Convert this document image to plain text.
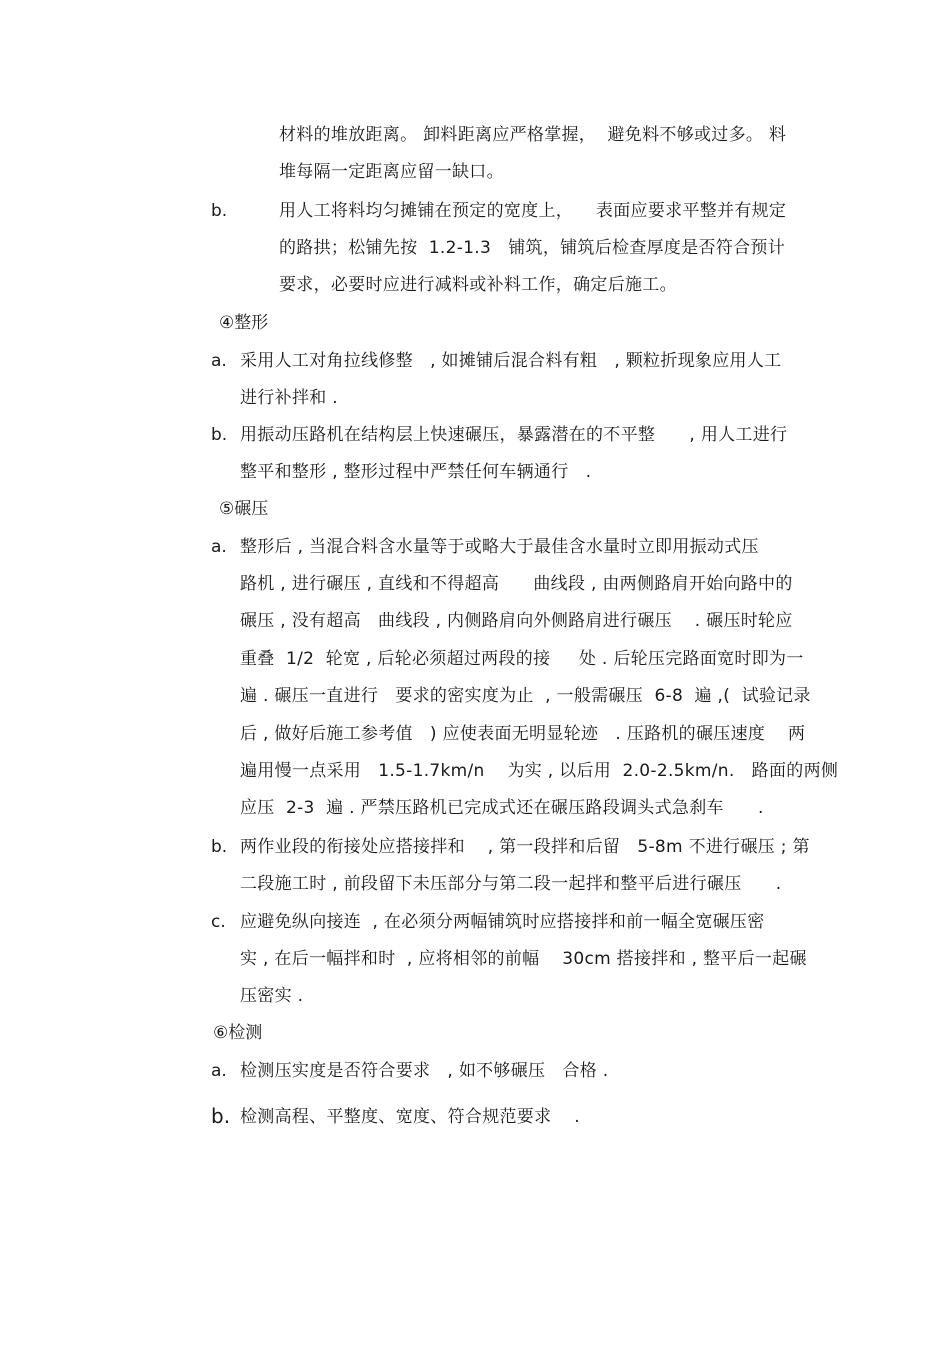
材料的堆放距离。 卸料距离应严格掌握，  避免料不够或过多。 料
堆每隔一定距离应留一缺口。
b.	用人工将料均匀摊铺在预定的宽度上，    表面应要求平整并有规定
的路拱；松铺先按  1.2-1.3   铺筑，铺筑后检查厚度是否符合预计
要求，必要时应进行减料或补料工作，确定后施工。
④整形
a. 采用人工对角拉线修整   , 如摊铺后混合料有粗   , 颗粒折现象应用人工
进行补拌和 .
b. 用振动压路机在结构层上快速碾压，暴露潜在的不平整      , 用人工进行
整平和整形 , 整形过程中严禁任何车辆通行   .
⑤碾压
a. 整形后 , 当混合料含水量等于或略大于最佳含水量时立即用振动式压
路机 , 进行碾压 , 直线和不得超高      曲线段 , 由两侧路肩开始向路中的
碾压 , 没有超高   曲线段 , 内侧路肩向外侧路肩进行碾压    . 碾压时轮应
重叠  1/2  轮宽 , 后轮必须超过两段的接     处 . 后轮压完路面宽时即为一
遍 . 碾压一直进行   要求的密实度为止  , 一般需碾压  6-8  遍 ,(  试验记录
后 , 做好后施工参考值   ) 应使表面无明显轮迹   . 压路机的碾压速度    两
遍用慢一点采用   1.5-1.7km/n    为实 , 以后用  2.0-2.5km/n.   路面的两侧
应压  2-3  遍 . 严禁压路机已完成式还在碾压路段调头式急刹车      .
b. 两作业段的衔接处应搭接拌和    , 第一段拌和后留   5-8m 不进行碾压 ; 第
二段施工时 , 前段留下未压部分与第二段一起拌和整平后进行碾压      .
c. 应避免纵向接连  , 在必须分两幅铺筑时应搭接拌和前一幅全宽碾压密
实 , 在后一幅拌和时  , 应将相邻的前幅    30cm 搭接拌和 , 整平后一起碾
压密实 .
⑥检测
a. 检测压实度是否符合要求   , 如不够碾压   合格 .
b. 检测高程、平整度、宽度、符合规范要求    .
